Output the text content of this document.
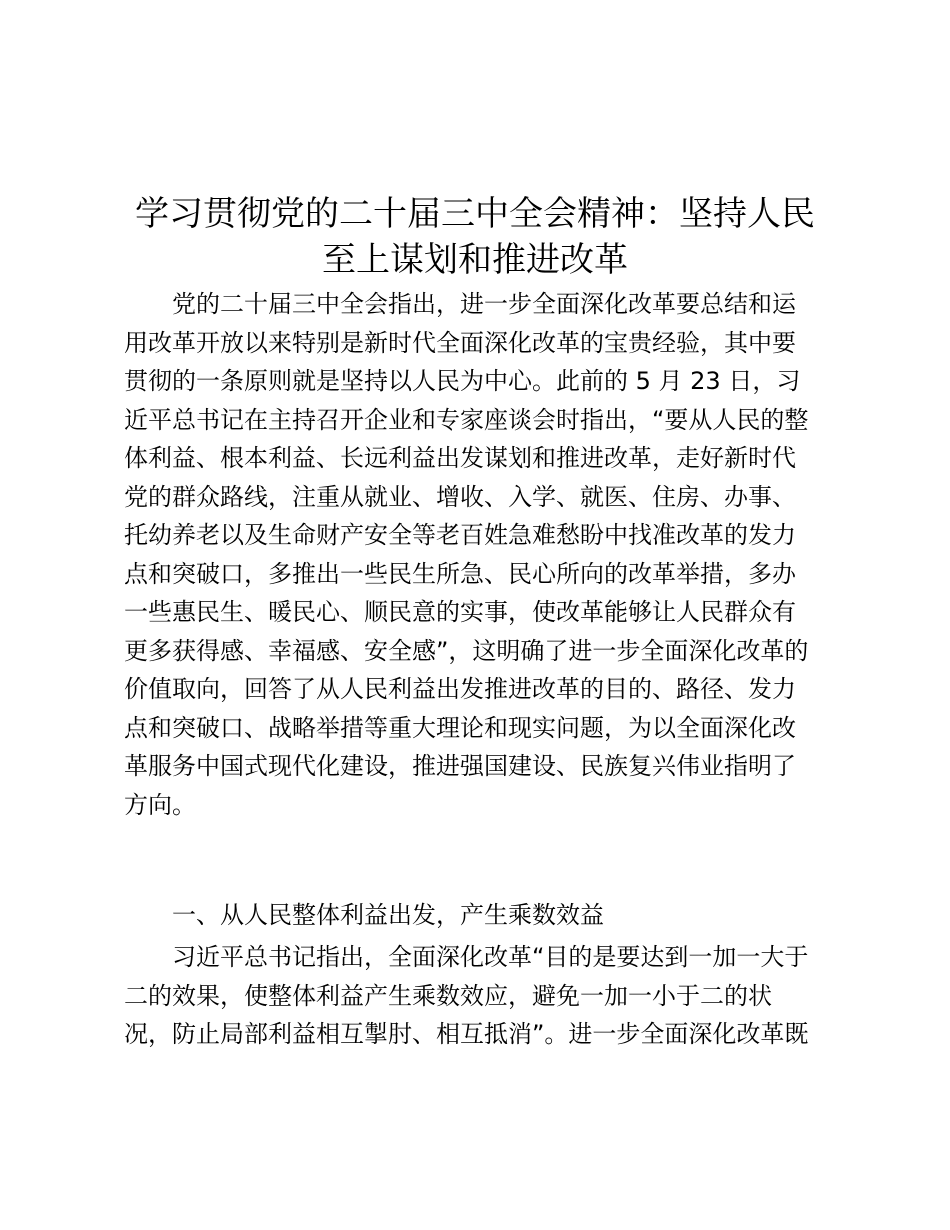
学习贯彻党的二十届三中全会精神：坚持人民
至上谋划和推进改革
党的二十届三中全会指出，进一步全面深化改革要总结和运
用改革开放以来特别是新时代全面深化改革的宝贵经验，其中要
贯彻的一条原则就是坚持以人民为中心。此前的 5 月 23 日，习
近平总书记在主持召开企业和专家座谈会时指出，“要从人民的整
体利益、根本利益、长远利益出发谋划和推进改革，走好新时代
党的群众路线，注重从就业、增收、入学、就医、住房、办事、
托幼养老以及生命财产安全等老百姓急难愁盼中找准改革的发力
点和突破口，多推出一些民生所急、民心所向的改革举措，多办
一些惠民生、暖民心、顺民意的实事，使改革能够让人民群众有
更多获得感、幸福感、安全感”，这明确了进一步全面深化改革的
价值取向，回答了从人民利益出发推进改革的目的、路径、发力
点和突破口、战略举措等重大理论和现实问题，为以全面深化改
革服务中国式现代化建设，推进强国建设、民族复兴伟业指明了
方向。
一、从人民整体利益出发，产生乘数效益
习近平总书记指出，全面深化改革“目的是要达到一加一大于
二的效果，使整体利益产生乘数效应，避免一加一小于二的状
况，防止局部利益相互掣肘、相互抵消”。进一步全面深化改革既
